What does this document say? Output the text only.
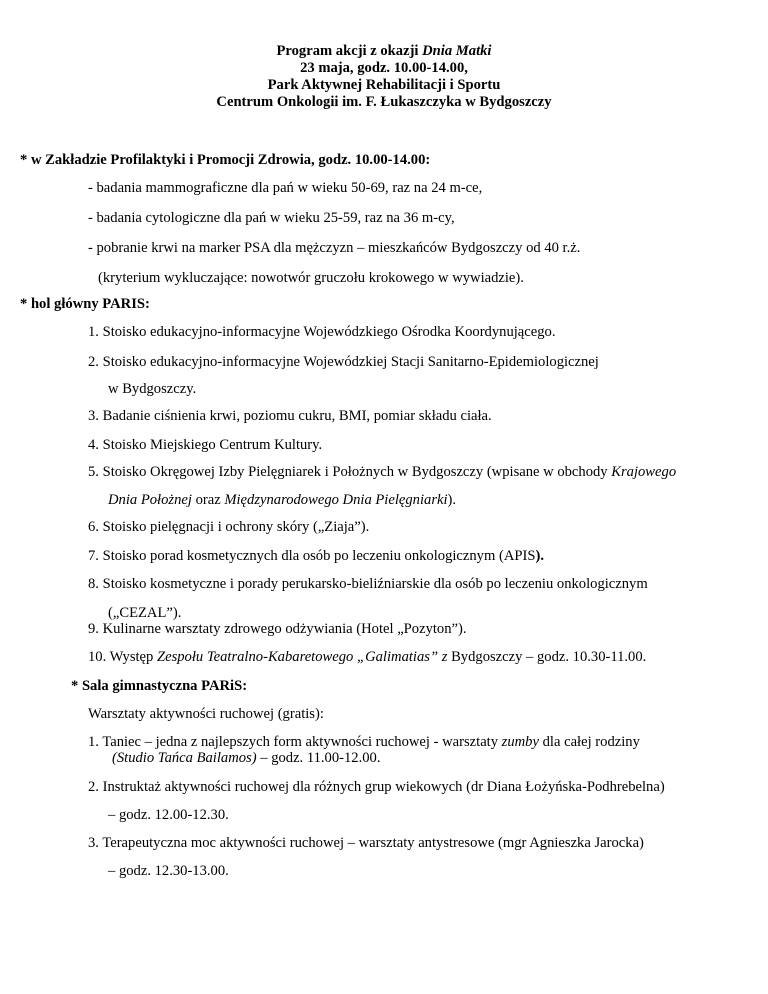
Program akcji z okazji Dnia Matki
23 maja, godz. 10.00-14.00,
Park Aktywnej Rehabilitacji i Sportu
Centrum Onkologii im. F. Łukaszczyka w Bydgoszczy
* w Zakładzie Profilaktyki i Promocji Zdrowia, godz. 10.00-14.00:
- badania mammograficzne dla pań w wieku 50-69, raz na 24 m-ce,
- badania cytologiczne dla pań w wieku 25-59, raz na 36 m-cy,
- pobranie krwi na marker PSA dla mężczyzn – mieszkańców Bydgoszczy od 40 r.ż.
(kryterium wykluczające: nowotwór gruczołu krokowego w wywiadzie).
* hol główny PARIS:
1. Stoisko edukacyjno-informacyjne Wojewódzkiego Ośrodka Koordynującego.
2. Stoisko edukacyjno-informacyjne Wojewódzkiej Stacji Sanitarno-Epidemiologicznej
w Bydgoszczy.
3. Badanie ciśnienia krwi, poziomu cukru, BMI, pomiar składu ciała.
4. Stoisko Miejskiego Centrum Kultury.
5. Stoisko Okręgowej Izby Pielęgniarek i Położnych w Bydgoszczy (wpisane w obchody Krajowego
Dnia Położnej oraz Międzynarodowego Dnia Pielęgniarki).
6. Stoisko pielęgnacji i ochrony skóry („Ziaja”).
7. Stoisko porad kosmetycznych dla osób po leczeniu onkologicznym (APIS).
8. Stoisko kosmetyczne i porady perukarsko-bieliźniarskie dla osób po leczeniu onkologicznym
(„CEZAL”).
9. Kulinarne warsztaty zdrowego odżywiania (Hotel „Pozyton”).
10. Występ Zespołu Teatralno-Kabaretowego „Galimatias” z Bydgoszczy – godz. 10.30-11.00.
* Sala gimnastyczna PARiS:
Warsztaty aktywności ruchowej (gratis):
1. Taniec – jedna z najlepszych form aktywności ruchowej - warsztaty zumby dla całej rodziny
(Studio Tańca Bailamos) – godz. 11.00-12.00.
2. Instruktaż aktywności ruchowej dla różnych grup wiekowych (dr Diana Łożyńska-Podhrebelna)
– godz. 12.00-12.30.
3. Terapeutyczna moc aktywności ruchowej – warsztaty antystresowe (mgr Agnieszka Jarocka)
– godz. 12.30-13.00.
